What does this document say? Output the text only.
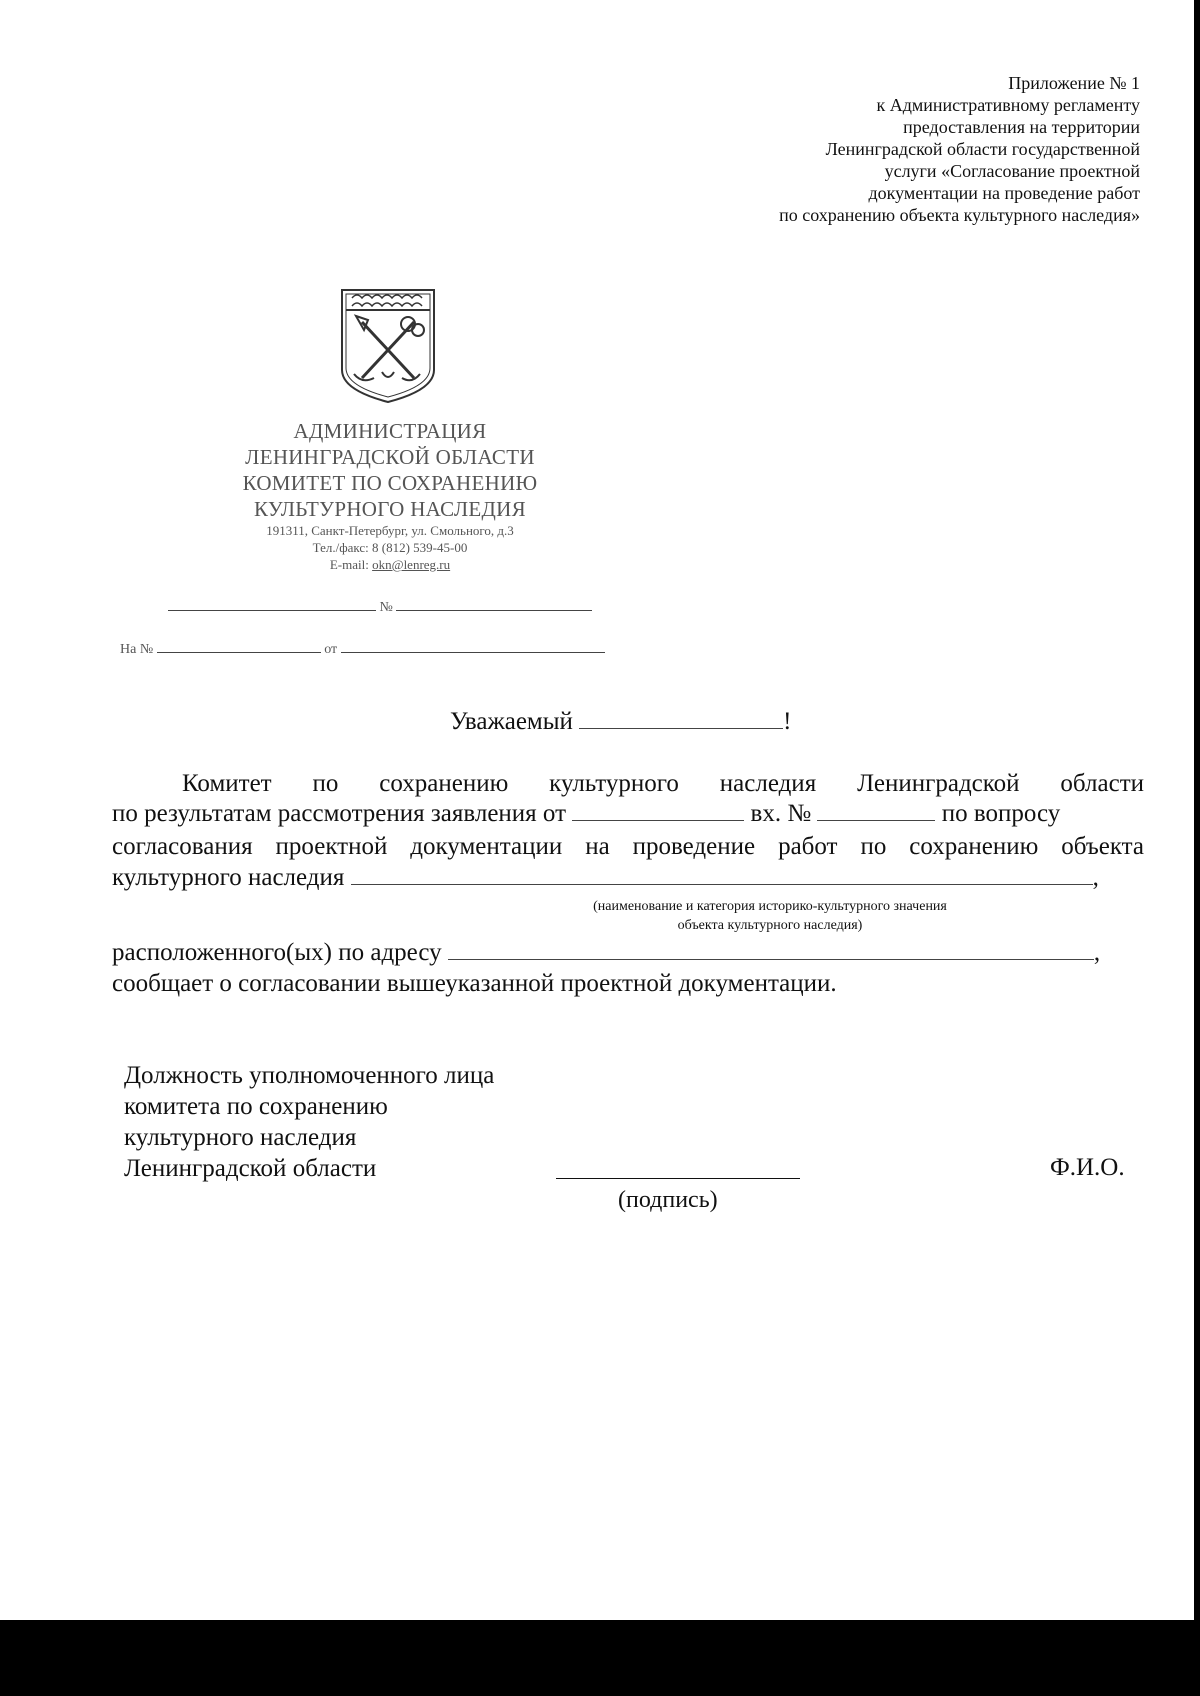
Приложение № 1
к Административному регламенту
предоставления на территории
Ленинградской области государственной
услуги «Согласование проектной
документации на проведение работ
по сохранению объекта культурного наследия»
АДМИНИСТРАЦИЯ
ЛЕНИНГРАДСКОЙ ОБЛАСТИ
КОМИТЕТ ПО СОХРАНЕНИЮ
КУЛЬТУРНОГО НАСЛЕДИЯ
191311, Санкт-Петербург, ул. Смольного, д.3
Тел./факс: 8 (812) 539-45-00
E-mail: okn@lenreg.ru
№
На №	от
Уважаемый	!
Комитет по сохранению культурного наследия Ленинградской области
по результатам рассмотрения заявления от	вх. №	по вопросу
согласования проектной документации на проведение работ по сохранению объекта
культурного наследия	,
(наименование и категория историко-культурного значения
объекта культурного наследия)
расположенного(ых) по адресу	,
сообщает о согласовании вышеуказанной проектной документации.
Должность уполномоченного лица
комитета по сохранению
культурного наследия
Ленинградской области
(подпись)
Ф.И.О.
